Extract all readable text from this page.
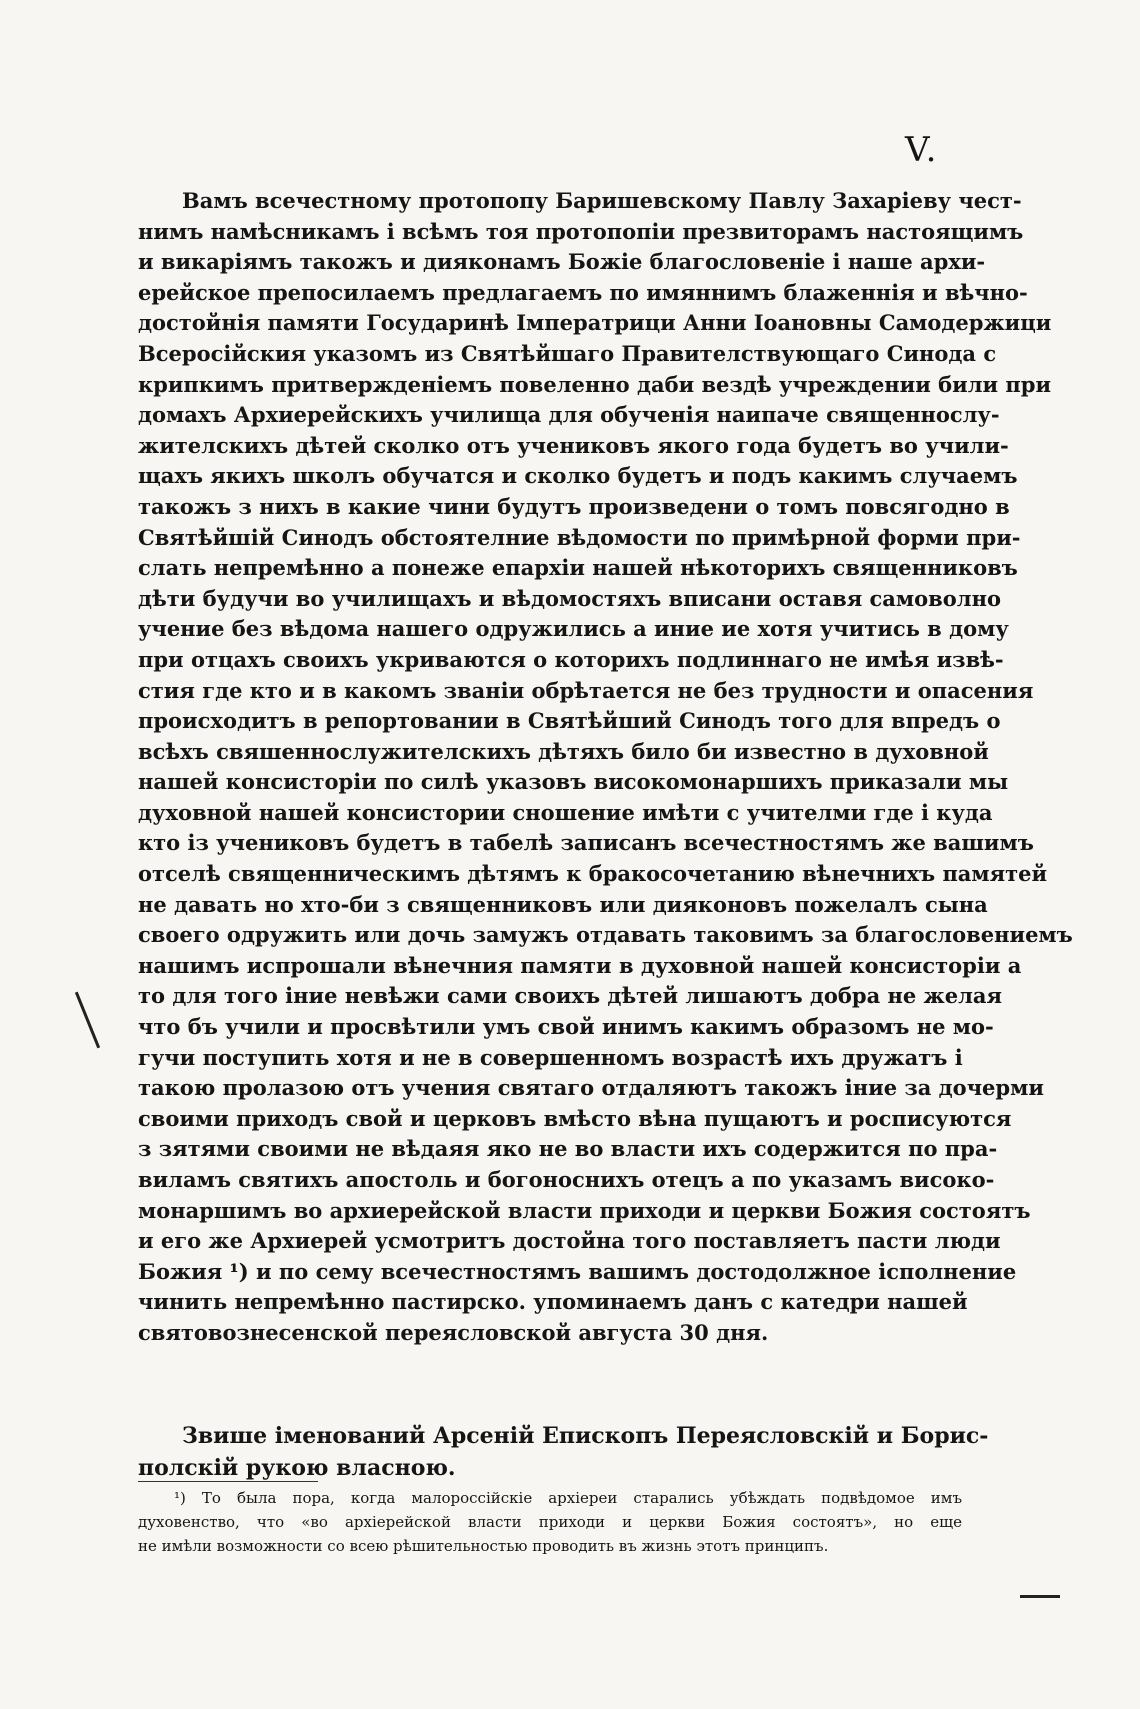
V.
Вамъ всечестному протопопу Баришевскому Павлу Захаріеву чест-
нимъ намѣсникамъ і всѣмъ тоя протопопіи презвиторамъ настоящимъ
и викаріямъ такожъ и дияконамъ Божіе благословеніе і наше архи-
ерейское препосилаемъ предлагаемъ по имяннимъ блаженнія и вѣчно-
достойнія памяти Государинѣ Імператрици Анни Іоановны Самодержици
Всеросійския указомъ из Святѣйшаго Правителствующаго Синода с
крипкимъ притвержденіемъ повеленно даби вездѣ учреждении били при
домахъ Архиерейскихъ училища для обученія наипаче священнослу-
жителскихъ дѣтей сколко отъ учениковъ якого года будетъ во учили-
щахъ якихъ школъ обучатся и сколко будетъ и подъ какимъ случаемъ
такожъ з нихъ в какие чини будутъ произведени о томъ повсягодно в
Святѣйшій Синодъ обстоятелние вѣдомости по примѣрной форми при-
слать непремѣнно а понеже епархіи нашей нѣкоторихъ священниковъ
дѣти будучи во училищахъ и вѣдомостяхъ вписани оставя самоволно
учение без вѣдома нашего одружились а иние ие хотя учитись в дому
при отцахъ своихъ укриваются о которихъ подлиннаго не имѣя извѣ-
стия где кто и в какомъ званіи обрѣтается не без трудности и опасения
происходитъ в репортовании в Святѣйший Синодъ того для впредъ о
всѣхъ свяшеннослужителскихъ дѣтяхъ било би известно в духовной
нашей консисторіи по силѣ указовъ високомонаршихъ приказали мы
духовной нашей консистории сношение имѣти с учителми где і куда
кто із учениковъ будетъ в табелѣ записанъ всечестностямъ же вашимъ
отселѣ священническимъ дѣтямъ к бракосочетанию вѣнечнихъ памятей
не давать но хто-би з священниковъ или дияконовъ пожелалъ сына
своего одружить или дочь замужъ отдавать таковимъ за благословениемъ
нашимъ испрошали вѣнечния памяти в духовной нашей консисторіи а
то для того іние невѣжи сами своихъ дѣтей лишаютъ добра не желая
что бъ учили и просвѣтили умъ свой инимъ какимъ образомъ не мо-
гучи поступить хотя и не в совершенномъ возрастѣ ихъ дружатъ і
такою пролазою отъ учения святаго отдаляютъ такожъ іние за дочерми
своими приходъ свой и церковъ вмѣсто вѣна пущаютъ и росписуются
з зятями своими не вѣдаяя яко не во власти ихъ содержится по пра-
виламъ святихъ апостоль и богоноснихъ отецъ а по указамъ високо-
монаршимъ во архиерейской власти приходи и церкви Божия состоятъ
и его же Архиерей усмотритъ достойна того поставляетъ пасти люди
Божия ¹) и по сему всечестностямъ вашимъ достодолжное ісполнение
чинить непремѣнно пастирско. упоминаемъ данъ с катедри нашей
святовознесенской переясловской августа 30 дня.
Звише іменований Арсеній Епископъ Переясловскій и Борис-
полскій рукою власною.
¹) То была пора, когда малороссійскіе архіереи старались убѣждать подвѣдомое имъ
духовенство, что «во архіерейской власти приходи и церкви Божия состоятъ», но еще
не имѣли возможности со всею рѣшительностью проводить въ жизнь этотъ принципъ.
